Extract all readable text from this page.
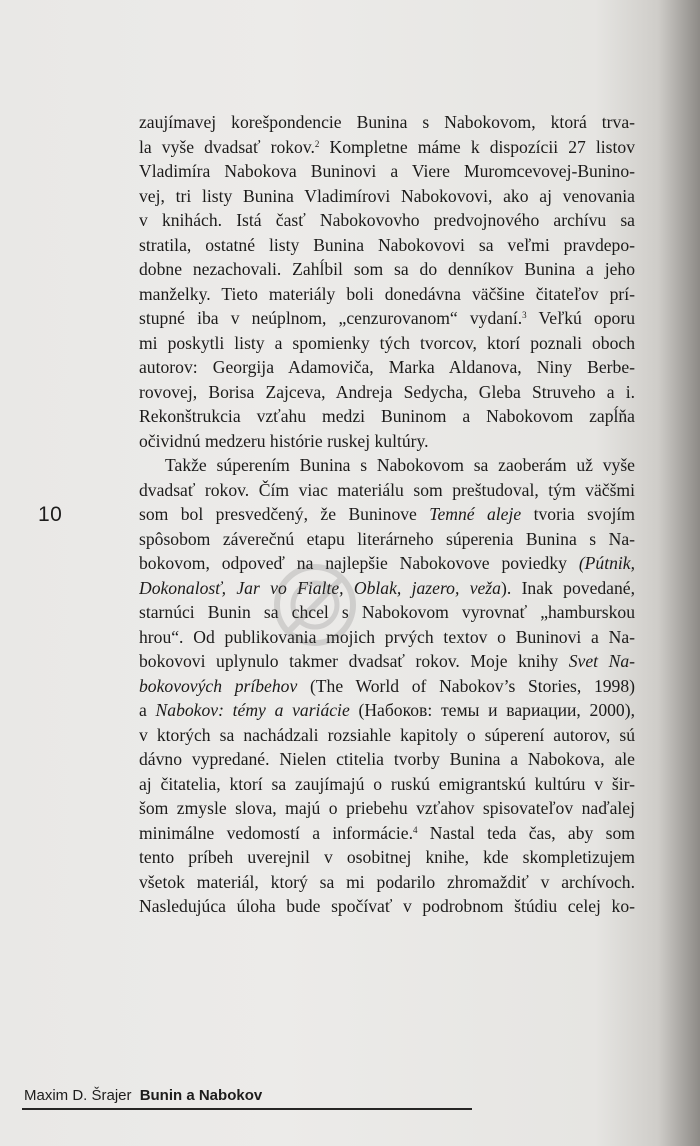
zaujímavej korešpondencie Bunina s Nabokovom, ktorá trva-
la vyše dvadsať rokov.$^2$ Kompletne máme k dispozícii 27 listov
Vladimíra Nabokova Buninovi a Viere Muromcevovej-Bunino-
vej, tri listy Bunina Vladimírovi Nabokovovi, ako aj venovania
v knihách. Istá časť Nabokovovho predvojnového archívu sa
stratila, ostatné listy Bunina Nabokovovi sa veľmi pravdepo-
dobne nezachovali. Zahĺbil som sa do denníkov Bunina a jeho
manželky. Tieto materiály boli donedávna väčšine čitateľov prí-
stupné iba v neúplnom, „cenzurovanom“ vydaní.$^3$ Veľkú oporu
mi poskytli listy a spomienky tých tvorcov, ktorí poznali oboch
autorov: Georgija Adamoviča, Marka Aldanova, Niny Berbe-
rovovej, Borisa Zajceva, Andreja Sedycha, Gleba Struveho a i.
Rekonštrukcia vzťahu medzi Buninom a Nabokovom zapĺňa
očividnú medzeru histórie ruskej kultúry.

Takže súperením Bunina s Nabokovom sa zaoberám už vyše
dvadsať rokov. Čím viac materiálu som preštudoval, tým väčšmi
som bol presvedčený, že Buninove Temné aleje tvoria svojím
spôsobom záverečnú etapu literárneho súperenia Bunina s Na-
bokovom, odpoveď na najlepšie Nabokovove poviedky (Pútnik,
Dokonalosť, Jar vo Fialte, Oblak, jazero, veža). Inak povedané,
starnúci Bunin sa chcel s Nabokovom vyrovnať „hamburskou
hrou“. Od publikovania mojich prvých textov o Buninovi a Na-
bokovovi uplynulo takmer dvadsať rokov. Moje knihy Svet Na-
bokovových príbehov (The World of Nabokov’s Stories, 1998)
a Nabokov: témy a variácie (Набоков: темы и вариации, 2000),
v ktorých sa nachádzali rozsiahle kapitoly o súperení autorov, sú
dávno vypredané. Nielen ctitelia tvorby Bunina a Nabokova, ale
aj čitatelia, ktorí sa zaujímajú o ruskú emigrantskú kultúru v šir-
šom zmysle slova, majú o priebehu vzťahov spisovateľov naďalej
minimálne vedomostí a informácie.$^4$ Nastal teda čas, aby som
tento príbeh uverejnil v osobitnej knihe, kde skompletizujem
všetok materiál, ktorý sa mi podarilo zhromaždiť v archívoch.
Nasledujúca úloha bude spočívať v podrobnom štúdiu celej ko-

10
Maxim D. Šrajer Bunin a Nabokov
